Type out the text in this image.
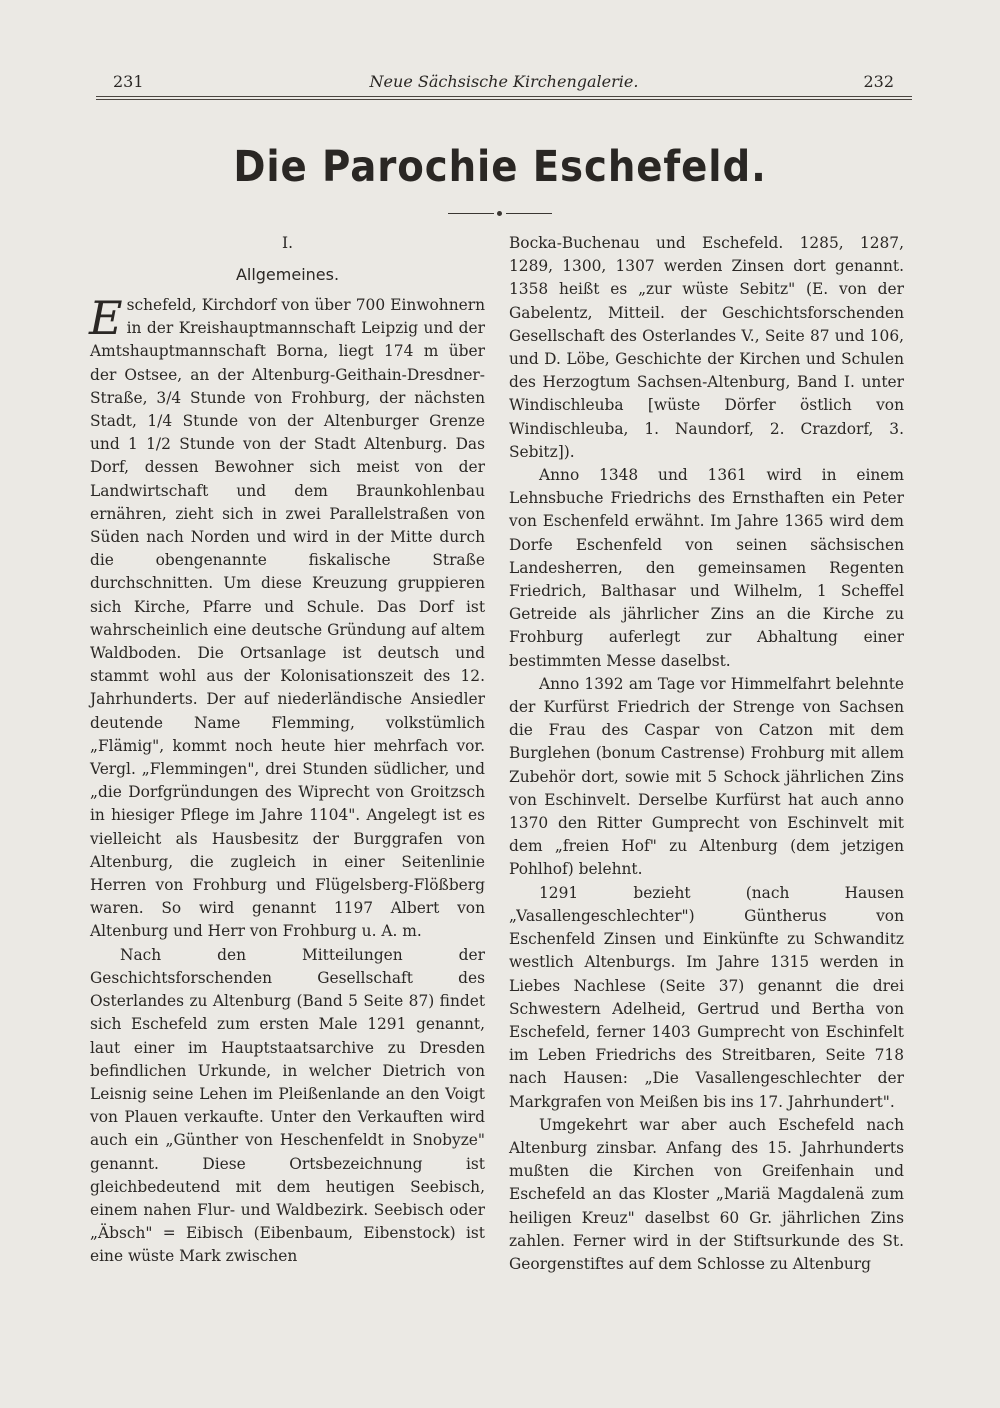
231	Neue Sächsische Kirchengalerie.	232
Die Parochie Eschefeld.
I.
Allgemeines.

Eschefeld, Kirchdorf von über 700 Einwohnern in der Kreishauptmannschaft Leipzig und der Amtshauptmannschaft Borna, liegt 174 m über der Ostsee, an der Altenburg-Geithain-Dresdner-Straße, 3/4 Stunde von Frohburg, der nächsten Stadt, 1/4 Stunde von der Altenburger Grenze und 1 1/2 Stunde von der Stadt Altenburg. Das Dorf, dessen Bewohner sich meist von der Landwirtschaft und dem Braunkohlenbau ernähren, zieht sich in zwei Parallelstraßen von Süden nach Norden und wird in der Mitte durch die obengenannte fiskalische Straße durchschnitten. Um diese Kreuzung gruppieren sich Kirche, Pfarre und Schule. Das Dorf ist wahrscheinlich eine deutsche Gründung auf altem Waldboden. Die Ortsanlage ist deutsch und stammt wohl aus der Kolonisationszeit des 12. Jahrhunderts. Der auf niederländische Ansiedler deutende Name Flemming, volkstümlich „Flämig", kommt noch heute hier mehrfach vor. Vergl. „Flemmingen", drei Stunden südlicher, und „die Dorfgründungen des Wiprecht von Groitzsch in hiesiger Pflege im Jahre 1104". Angelegt ist es vielleicht als Hausbesitz der Burggrafen von Altenburg, die zugleich in einer Seitenlinie Herren von Frohburg und Flügelsberg-Flößberg waren. So wird genannt 1197 Albert von Altenburg und Herr von Frohburg u. A. m.

Nach den Mitteilungen der Geschichtsforschenden Gesellschaft des Osterlandes zu Altenburg (Band 5 Seite 87) findet sich Eschefeld zum ersten Male 1291 genannt, laut einer im Hauptstaatsarchive zu Dresden befindlichen Urkunde, in welcher Dietrich von Leisnig seine Lehen im Pleißenlande an den Voigt von Plauen verkaufte. Unter den Verkauften wird auch ein „Günther von Heschenfeldt in Snobyze" genannt. Diese Ortsbezeichnung ist gleichbedeutend mit dem heutigen Seebisch, einem nahen Flur- und Waldbezirk. Seebisch oder „Äbsch" = Eibisch (Eibenbaum, Eibenstock) ist eine wüste Mark zwischen

Bocka-Buchenau und Eschefeld. 1285, 1287, 1289, 1300, 1307 werden Zinsen dort genannt. 1358 heißt es „zur wüste Sebitz" (E. von der Gabelentz, Mitteil. der Geschichtsforschenden Gesellschaft des Osterlandes V., Seite 87 und 106, und D. Löbe, Geschichte der Kirchen und Schulen des Herzogtum Sachsen-Altenburg, Band I. unter Windischleuba [wüste Dörfer östlich von Windischleuba, 1. Naundorf, 2. Crazdorf, 3. Sebitz]).

Anno 1348 und 1361 wird in einem Lehnsbuche Friedrichs des Ernsthaften ein Peter von Eschenfeld erwähnt. Im Jahre 1365 wird dem Dorfe Eschenfeld von seinen sächsischen Landesherren, den gemeinsamen Regenten Friedrich, Balthasar und Wilhelm, 1 Scheffel Getreide als jährlicher Zins an die Kirche zu Frohburg auferlegt zur Abhaltung einer bestimmten Messe daselbst.

Anno 1392 am Tage vor Himmelfahrt belehnte der Kurfürst Friedrich der Strenge von Sachsen die Frau des Caspar von Catzon mit dem Burglehen (bonum Castrense) Frohburg mit allem Zubehör dort, sowie mit 5 Schock jährlichen Zins von Eschinvelt. Derselbe Kurfürst hat auch anno 1370 den Ritter Gumprecht von Eschinvelt mit dem „freien Hof" zu Altenburg (dem jetzigen Pohlhof) belehnt.

1291 bezieht (nach Hausen „Vasallengeschlechter") Güntherus von Eschenfeld Zinsen und Einkünfte zu Schwanditz westlich Altenburgs. Im Jahre 1315 werden in Liebes Nachlese (Seite 37) genannt die drei Schwestern Adelheid, Gertrud und Bertha von Eschefeld, ferner 1403 Gumprecht von Eschinfelt im Leben Friedrichs des Streitbaren, Seite 718 nach Hausen: „Die Vasallengeschlechter der Markgrafen von Meißen bis ins 17. Jahrhundert".

Umgekehrt war aber auch Eschefeld nach Altenburg zinsbar. Anfang des 15. Jahrhunderts mußten die Kirchen von Greifenhain und Eschefeld an das Kloster „Mariä Magdalenä zum heiligen Kreuz" daselbst 60 Gr. jährlichen Zins zahlen. Ferner wird in der Stiftsurkunde des St. Georgenstiftes auf dem Schlosse zu Altenburg
